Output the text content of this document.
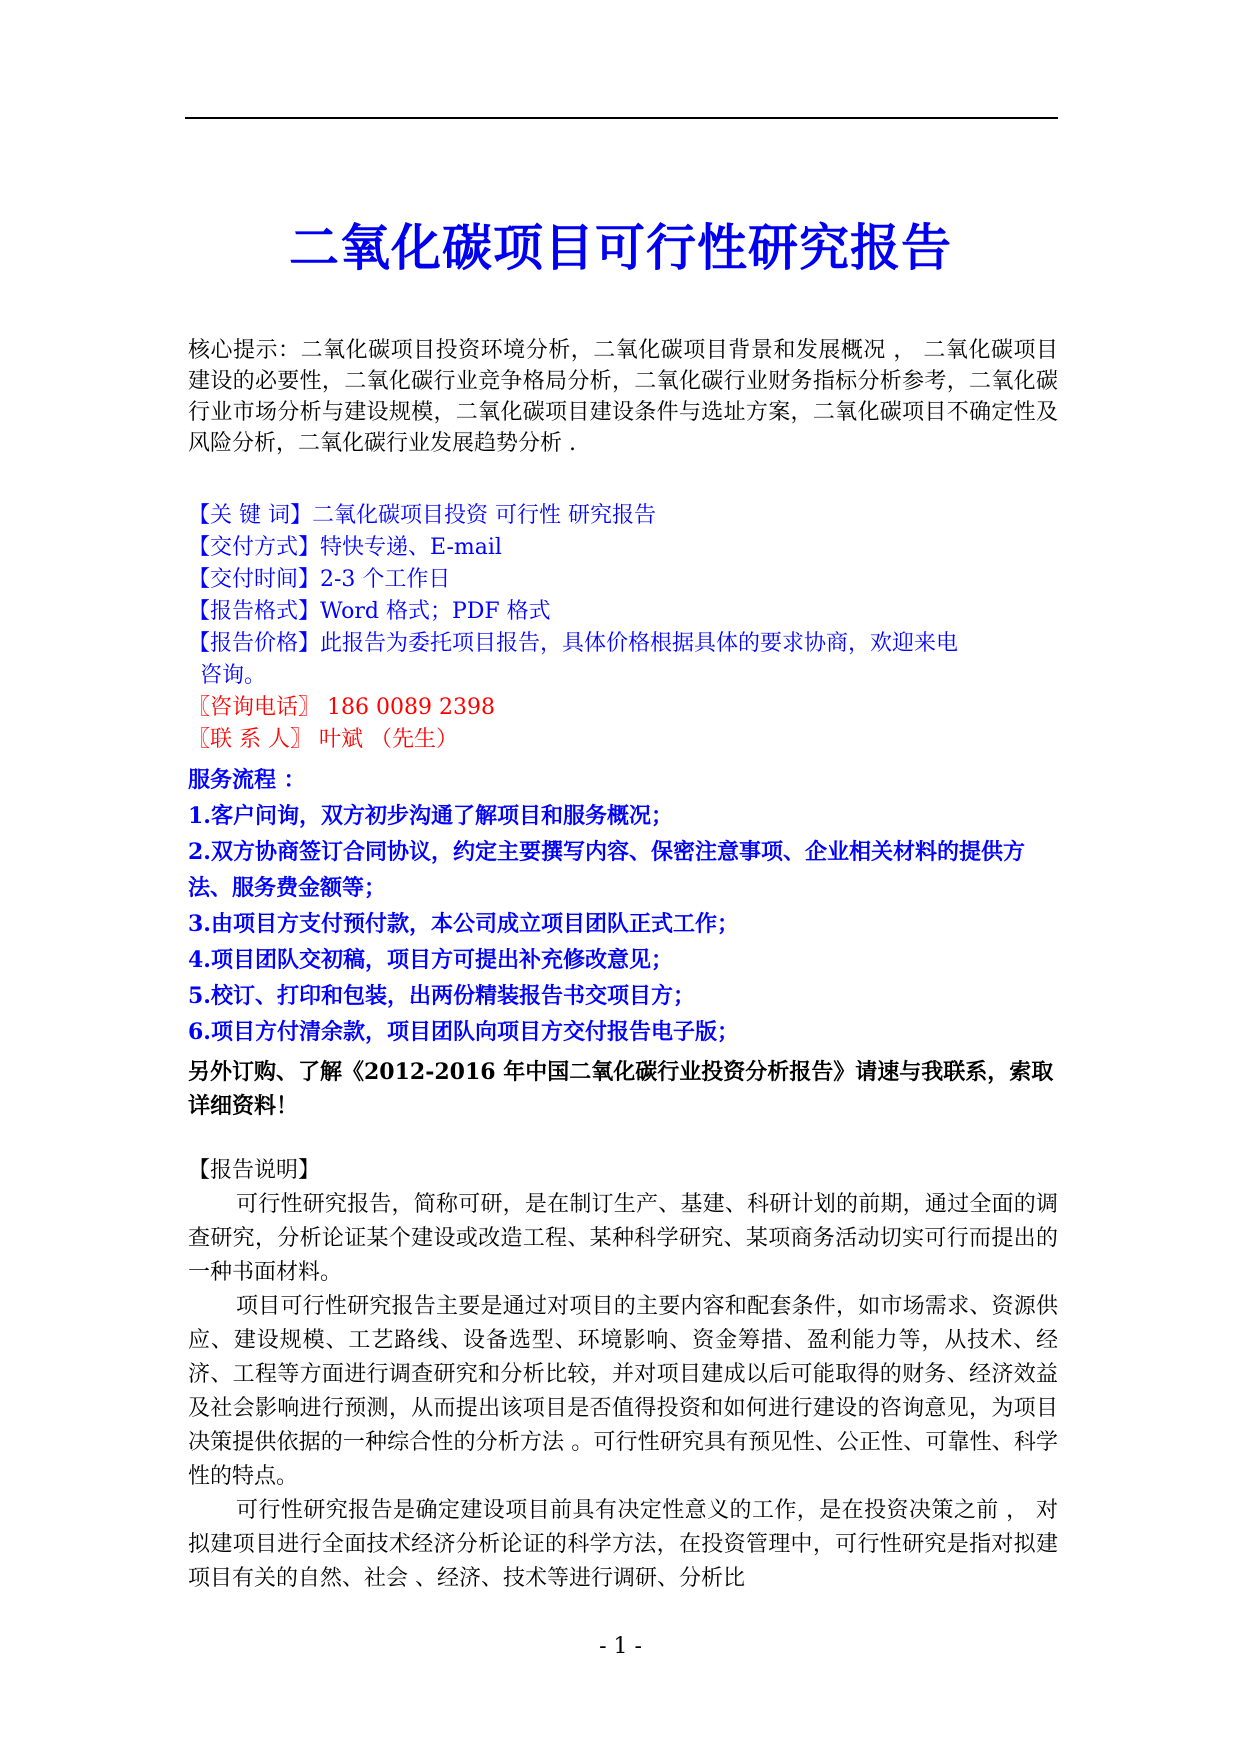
二氧化碳项目可行性研究报告
核心提示：二氧化碳项目投资环境分析，二氧化碳项目背景和发展概况 ， 二氧化碳项目建设的必要性，二氧化碳行业竞争格局分析，二氧化碳行业财务指标分析参考，二氧化碳行业市场分析与建设规模，二氧化碳项目建设条件与选址方案，二氧化碳项目不确定性及风险分析，二氧化碳行业发展趋势分析 .
【关 键 词】二氧化碳项目投资 可行性 研究报告
【交付方式】特快专递、E-mail
【交付时间】2-3 个工作日
【报告格式】Word 格式；PDF 格式
【报告价格】此报告为委托项目报告，具体价格根据具体的要求协商，欢迎来电
咨询。
〖咨询电话〗 186 0089 2398
〖联 系 人〗 叶斌 （先生）
服务流程 ：
1.客户问询，双方初步沟通了解项目和服务概况；
2.双方协商签订合同协议，约定主要撰写内容、保密注意事项、企业相关材料的提供方法、服务费金额等；
3.由项目方支付预付款，本公司成立项目团队正式工作；
4.项目团队交初稿，项目方可提出补充修改意见；
5.校订、打印和包装，出两份精装报告书交项目方；
6.项目方付清余款，项目团队向项目方交付报告电子版；
另外订购、了解《2012-2016 年中国二氧化碳行业投资分析报告》请速与我联系，索取详细资料！

【报告说明】

可行性研究报告，简称可研，是在制订生产、基建、科研计划的前期，通过全面的调查研究，分析论证某个建设或改造工程、某种科学研究、某项商务活动切实可行而提出的一种书面材料。

项目可行性研究报告主要是通过对项目的主要内容和配套条件，如市场需求、资源供应、建设规模、工艺路线、设备选型、环境影响、资金筹措、盈利能力等，从技术、经济、工程等方面进行调查研究和分析比较，并对项目建成以后可能取得的财务、经济效益及社会影响进行预测，从而提出该项目是否值得投资和如何进行建设的咨询意见，为项目决策提供依据的一种综合性的分析方法 。可行性研究具有预见性、公正性、可靠性、科学性的特点。

可行性研究报告是确定建设项目前具有决定性意义的工作，是在投资决策之前 ， 对拟建项目进行全面技术经济分析论证的科学方法，在投资管理中，可行性研究是指对拟建项目有关的自然、社会 、经济、技术等进行调研、分析比

- 1 -
